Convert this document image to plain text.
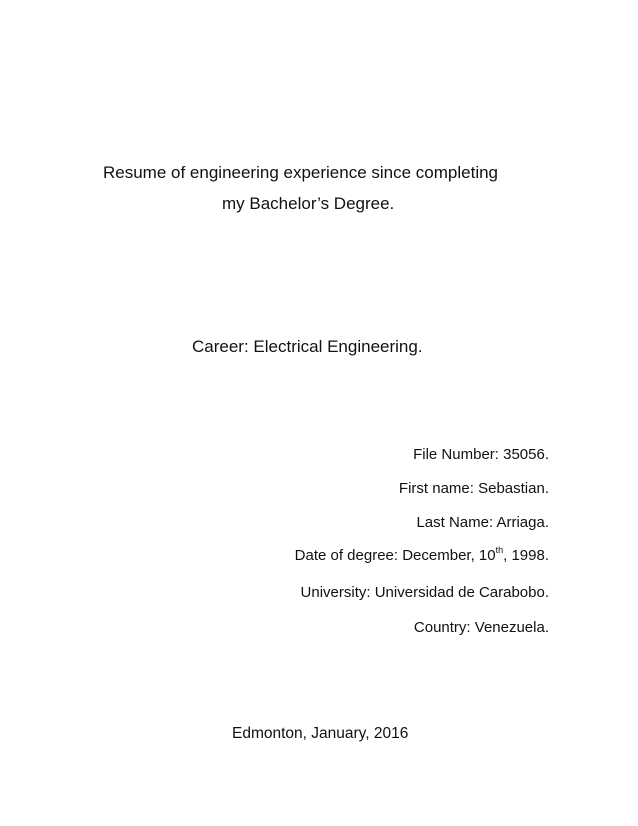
Resume of engineering experience since completing
my Bachelor’s Degree.
Career: Electrical Engineering.
File Number: 35056.
First name: Sebastian.
Last Name: Arriaga.
Date of degree: December, 10th, 1998.
University: Universidad de Carabobo.
Country: Venezuela.
Edmonton, January, 2016
